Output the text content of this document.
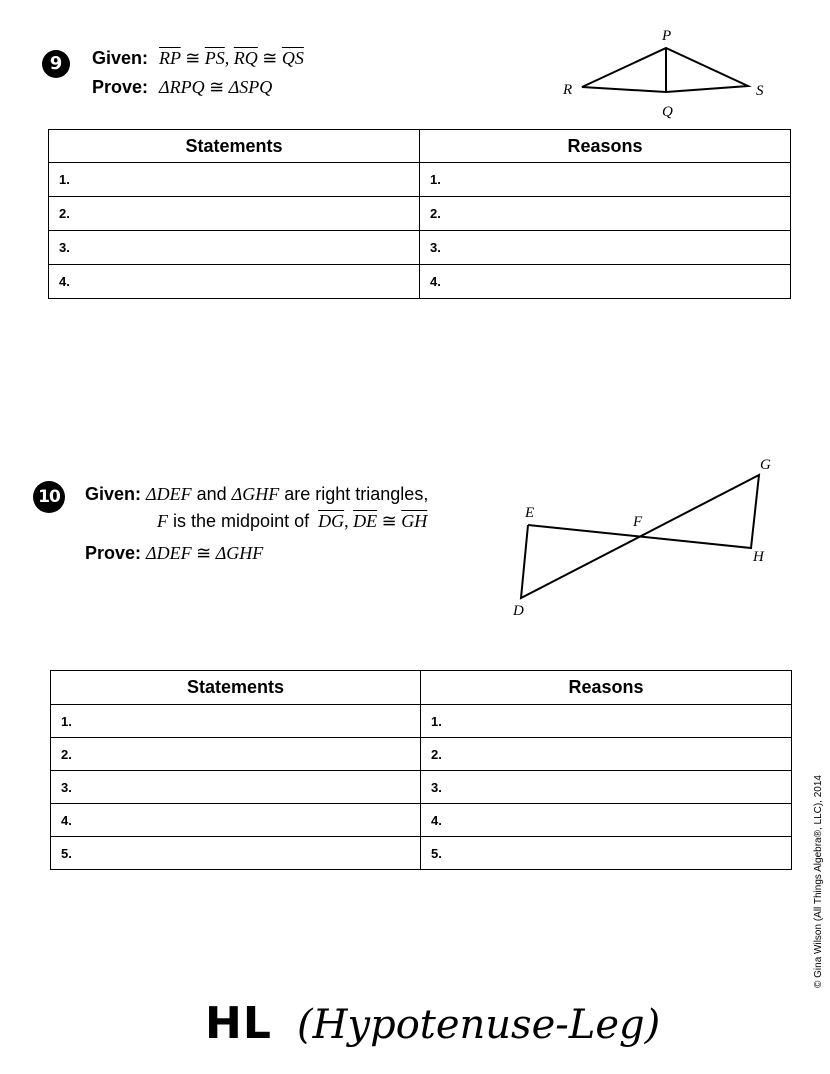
9	Given: $\overline{RP}$ ≅ $\overline{PS}$, $\overline{RQ}$ ≅ $\overline{QS}$
Prove: ΔRPQ ≅ ΔSPQ
P
R
Q
S
Statements	Reasons
1.	1.
2.	2.
3.	3.
4.	4.
10 Given: ΔDEF and ΔGHF are right triangles,
F is the midpoint of $\overline{DG}$, $\overline{DE}$ ≅ $\overline{GH}$
Prove: ΔDEF ≅ ΔGHF
G
E
F
H
D
Statements	Reasons
1.	1.
2.	2.
3.	3.
4.	4.
5.	5.	© Gina Wilson (All Things Algebra®, LLC), 2014
HL (Hypotenuse-Leg)
